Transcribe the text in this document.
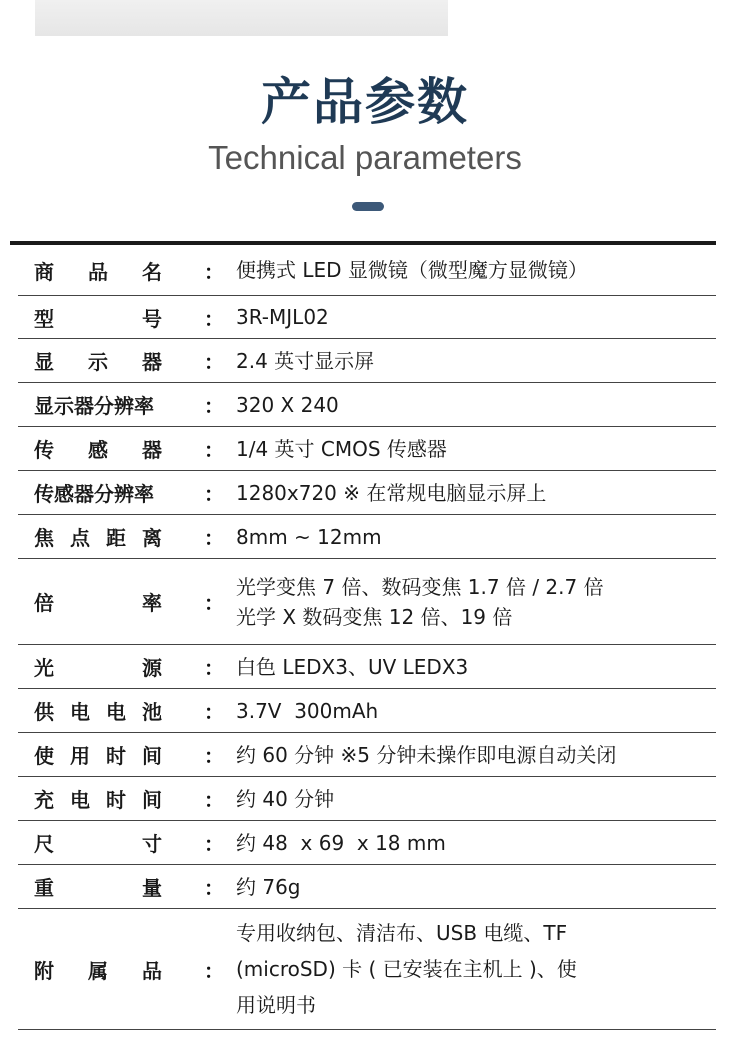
产品参数
Technical parameters
商 品 名	： 便携式 LED 显微镜（微型魔方显微镜）
型	号	： 3R-MJL02
显 示 器	： 2.4 英寸显示屏
显示器分辨率	： 320 X 240
传 感 器	： 1/4 英寸 CMOS 传感器
传感器分辨率	： 1280x720 ※ 在常规电脑显示屏上
焦 点 距 离	： 8mm ~ 12mm
倍	率	：
光学变焦 7 倍、数码变焦 1.7 倍 / 2.7 倍
光学 X 数码变焦 12 倍、19 倍
光	源	： 白色 LEDX3、UV LEDX3
供 电 电 池	： 3.7V  300mAh
使 用 时 间	： 约 60 分钟 ※5 分钟未操作即电源自动关闭
充 电 时 间	： 约 40 分钟
尺	寸	： 约 48  x 69  x 18 mm
重	量	： 约 76g
附 属 品	：
专用收纳包、清洁布、USB 电缆、TF
(microSD) 卡 ( 已安装在主机上 )、使
用说明书
